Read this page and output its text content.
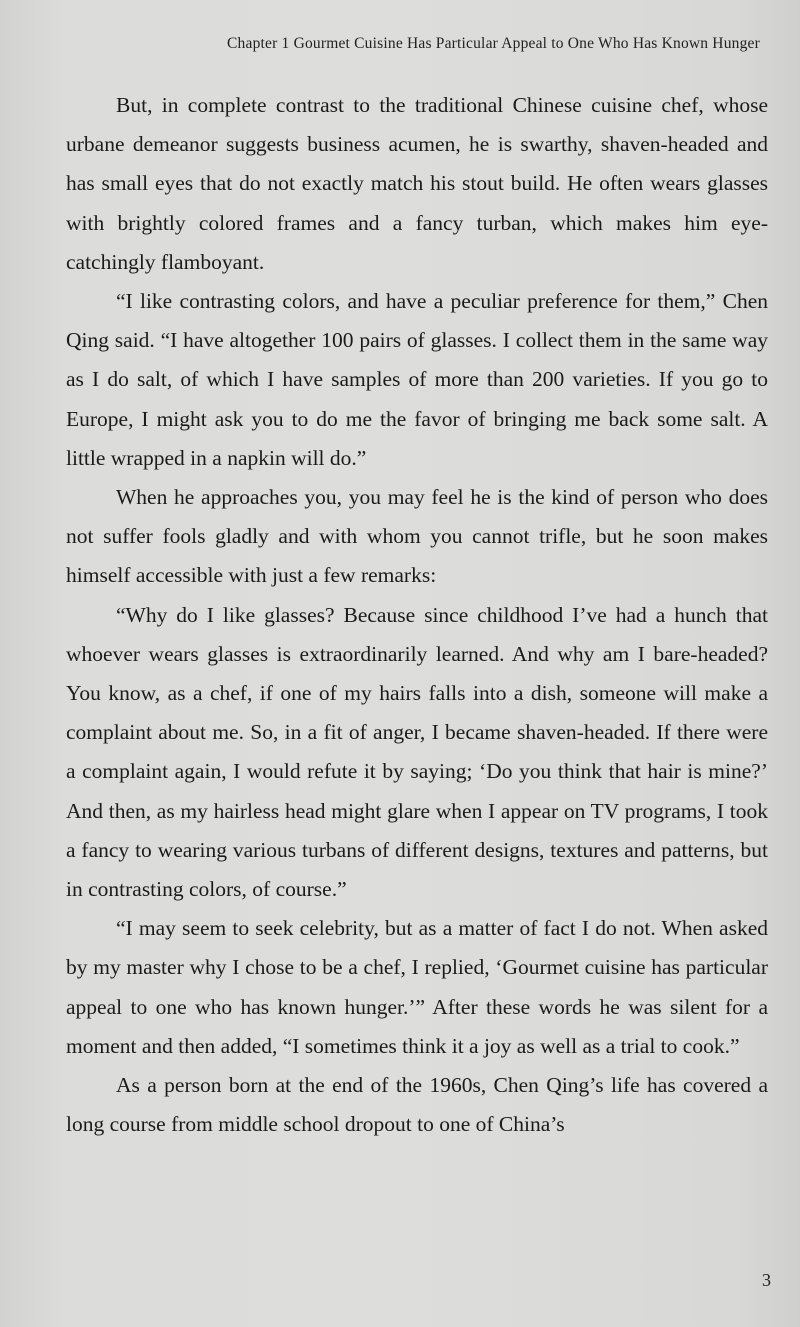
Chapter 1 Gourmet Cuisine Has Particular Appeal to One Who Has Known Hunger

But, in complete contrast to the traditional Chinese cuisine chef, whose urbane demeanor suggests business acumen, he is swarthy, shaven-headed and has small eyes that do not exactly match his stout build. He often wears glasses with brightly colored frames and a fancy turban, which makes him eye-catchingly flamboyant.

“I like contrasting colors, and have a peculiar preference for them,” Chen Qing said. “I have altogether 100 pairs of glasses. I collect them in the same way as I do salt, of which I have samples of more than 200 varieties. If you go to Europe, I might ask you to do me the favor of bringing me back some salt. A little wrapped in a napkin will do.”

When he approaches you, you may feel he is the kind of person who does not suffer fools gladly and with whom you cannot trifle, but he soon makes himself accessible with just a few remarks:

“Why do I like glasses? Because since childhood I’ve had a hunch that whoever wears glasses is extraordinarily learned. And why am I bare-headed? You know, as a chef, if one of my hairs falls into a dish, someone will make a complaint about me. So, in a fit of anger, I became shaven-headed. If there were a complaint again, I would refute it by saying; ‘Do you think that hair is mine?’ And then, as my hairless head might glare when I appear on TV programs, I took a fancy to wearing various turbans of different designs, textures and patterns, but in contrasting colors, of course.”

“I may seem to seek celebrity, but as a matter of fact I do not. When asked by my master why I chose to be a chef, I replied, ‘Gourmet cuisine has particular appeal to one who has known hunger.’” After these words he was silent for a moment and then added, “I sometimes think it a joy as well as a trial to cook.”

As a person born at the end of the 1960s, Chen Qing’s life has covered a long course from middle school dropout to one of China’s

3
